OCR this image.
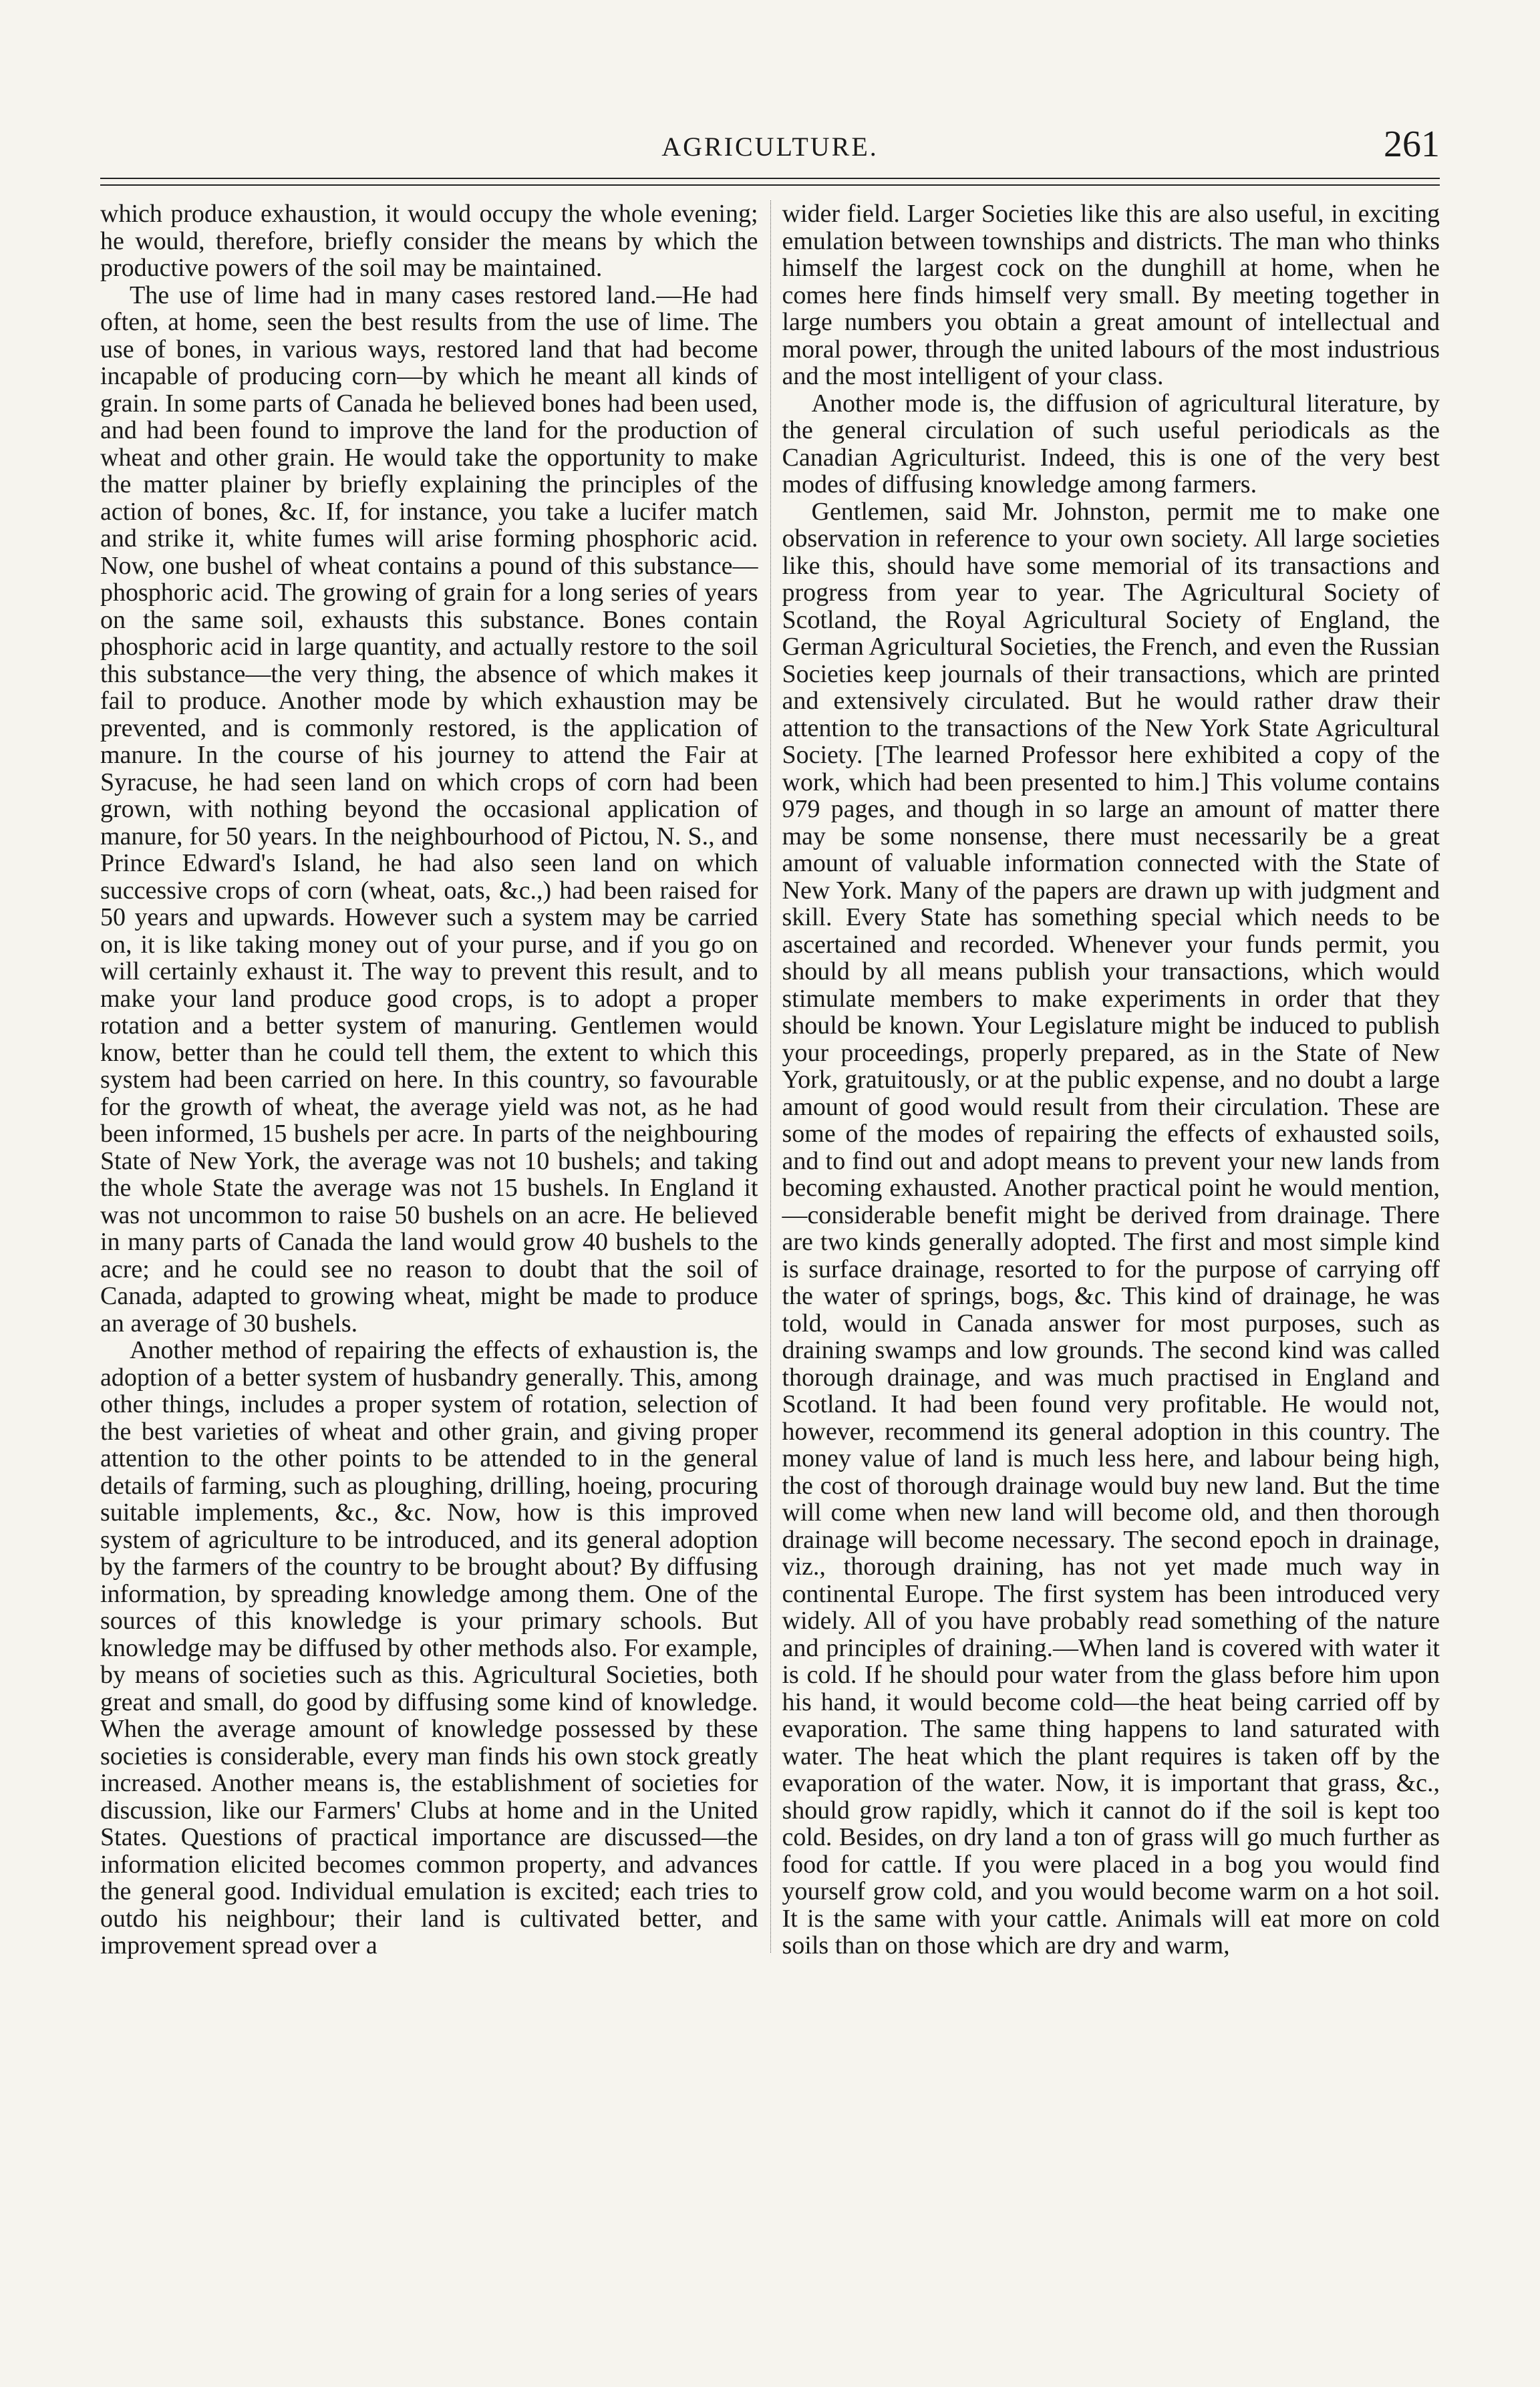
AGRICULTURE.	261

which produce exhaustion, it would occupy the whole evening; he would, therefore, briefly consider the means by which the productive powers of the soil may be maintained.

The use of lime had in many cases restored land.—He had often, at home, seen the best results from the use of lime. The use of bones, in various ways, restored land that had become incapable of producing corn—by which he meant all kinds of grain. In some parts of Canada he believed bones had been used, and had been found to improve the land for the production of wheat and other grain. He would take the opportunity to make the matter plainer by briefly explaining the principles of the action of bones, &c. If, for instance, you take a lucifer match and strike it, white fumes will arise forming phosphoric acid. Now, one bushel of wheat contains a pound of this substance—phosphoric acid. The growing of grain for a long series of years on the same soil, exhausts this substance. Bones contain phosphoric acid in large quantity, and actually restore to the soil this substance—the very thing, the absence of which makes it fail to produce. Another mode by which exhaustion may be prevented, and is commonly restored, is the application of manure. In the course of his journey to attend the Fair at Syracuse, he had seen land on which crops of corn had been grown, with nothing beyond the occasional application of manure, for 50 years. In the neighbourhood of Pictou, N. S., and Prince Edward's Island, he had also seen land on which successive crops of corn (wheat, oats, &c.,) had been raised for 50 years and upwards. However such a system may be carried on, it is like taking money out of your purse, and if you go on will certainly exhaust it. The way to prevent this result, and to make your land produce good crops, is to adopt a proper rotation and a better system of manuring. Gentlemen would know, better than he could tell them, the extent to which this system had been carried on here. In this country, so favourable for the growth of wheat, the average yield was not, as he had been informed, 15 bushels per acre. In parts of the neighbouring State of New York, the average was not 10 bushels; and taking the whole State the average was not 15 bushels. In England it was not uncommon to raise 50 bushels on an acre. He believed in many parts of Canada the land would grow 40 bushels to the acre; and he could see no reason to doubt that the soil of Canada, adapted to growing wheat, might be made to produce an average of 30 bushels.

Another method of repairing the effects of exhaustion is, the adoption of a better system of husbandry generally. This, among other things, includes a proper system of rotation, selection of the best varieties of wheat and other grain, and giving proper attention to the other points to be attended to in the general details of farming, such as ploughing, drilling, hoeing, procuring suitable implements, &c., &c. Now, how is this improved system of agriculture to be introduced, and its general adoption by the farmers of the country to be brought about? By diffusing information, by spreading knowledge among them. One of the sources of this knowledge is your primary schools. But knowledge may be diffused by other methods also. For example, by means of societies such as this. Agricultural Societies, both great and small, do good by diffusing some kind of knowledge. When the average amount of knowledge possessed by these societies is considerable, every man finds his own stock greatly increased. Another means is, the establishment of societies for discussion, like our Farmers' Clubs at home and in the United States. Questions of practical importance are discussed—the information elicited becomes common property, and advances the general good. Individual emulation is excited; each tries to outdo his neighbour; their land is cultivated better, and improvement spread over a

wider field. Larger Societies like this are also useful, in exciting emulation between townships and districts. The man who thinks himself the largest cock on the dunghill at home, when he comes here finds himself very small. By meeting together in large numbers you obtain a great amount of intellectual and moral power, through the united labours of the most industrious and the most intelligent of your class.

Another mode is, the diffusion of agricultural literature, by the general circulation of such useful periodicals as the Canadian Agriculturist. Indeed, this is one of the very best modes of diffusing knowledge among farmers.

Gentlemen, said Mr. Johnston, permit me to make one observation in reference to your own society. All large societies like this, should have some memorial of its transactions and progress from year to year. The Agricultural Society of Scotland, the Royal Agricultural Society of England, the German Agricultural Societies, the French, and even the Russian Societies keep journals of their transactions, which are printed and extensively circulated. But he would rather draw their attention to the transactions of the New York State Agricultural Society. [The learned Professor here exhibited a copy of the work, which had been presented to him.] This volume contains 979 pages, and though in so large an amount of matter there may be some nonsense, there must necessarily be a great amount of valuable information connected with the State of New York. Many of the papers are drawn up with judgment and skill. Every State has something special which needs to be ascertained and recorded. Whenever your funds permit, you should by all means publish your transactions, which would stimulate members to make experiments in order that they should be known. Your Legislature might be induced to publish your proceedings, properly prepared, as in the State of New York, gratuitously, or at the public expense, and no doubt a large amount of good would result from their circulation. These are some of the modes of repairing the effects of exhausted soils, and to find out and adopt means to prevent your new lands from becoming exhausted. Another practical point he would mention,—considerable benefit might be derived from drainage. There are two kinds generally adopted. The first and most simple kind is surface drainage, resorted to for the purpose of carrying off the water of springs, bogs, &c. This kind of drainage, he was told, would in Canada answer for most purposes, such as draining swamps and low grounds. The second kind was called thorough drainage, and was much practised in England and Scotland. It had been found very profitable. He would not, however, recommend its general adoption in this country. The money value of land is much less here, and labour being high, the cost of thorough drainage would buy new land. But the time will come when new land will become old, and then thorough drainage will become necessary. The second epoch in drainage, viz., thorough draining, has not yet made much way in continental Europe. The first system has been introduced very widely. All of you have probably read something of the nature and principles of draining.—When land is covered with water it is cold. If he should pour water from the glass before him upon his hand, it would become cold—the heat being carried off by evaporation. The same thing happens to land saturated with water. The heat which the plant requires is taken off by the evaporation of the water. Now, it is important that grass, &c., should grow rapidly, which it cannot do if the soil is kept too cold. Besides, on dry land a ton of grass will go much further as food for cattle. If you were placed in a bog you would find yourself grow cold, and you would become warm on a hot soil. It is the same with your cattle. Animals will eat more on cold soils than on those which are dry and warm,
